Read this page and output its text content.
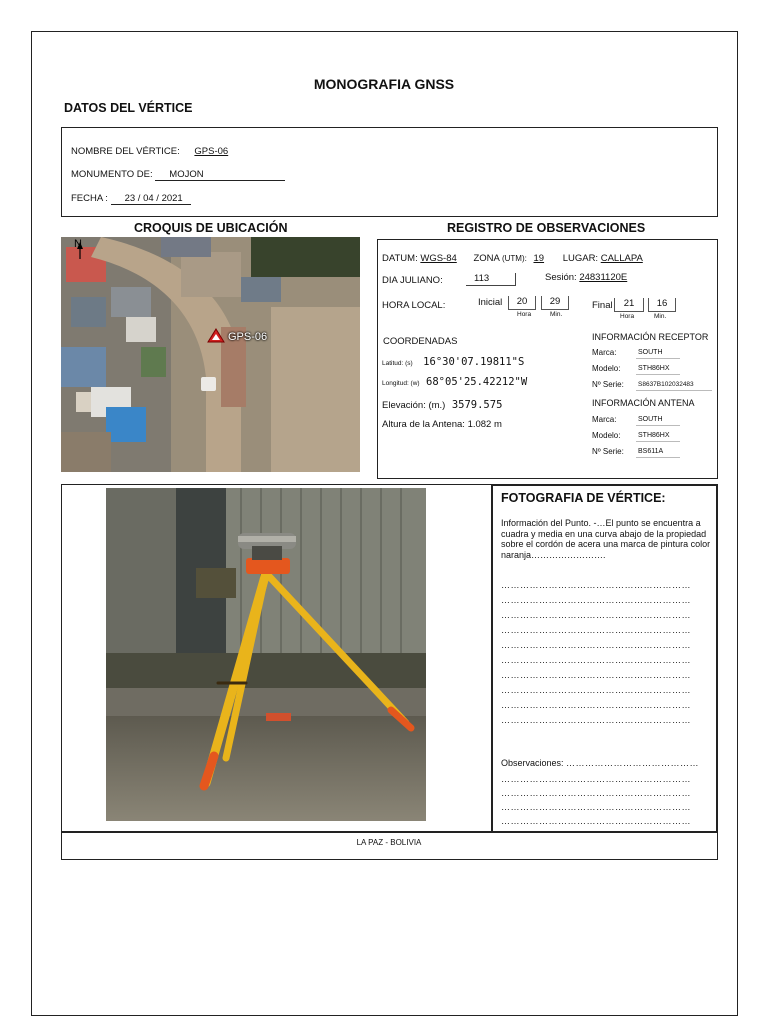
MONOGRAFIA GNSS
DATOS DEL VÉRTICE
NOMBRE DEL VÉRTICE: GPS-06
MONUMENTO DE: MOJON
FECHA : 23 / 04 / 2021
CROQUIS DE UBICACIÓN
N
GPS-06
REGISTRO DE OBSERVACIONES
DATUM: WGS-84 ZONA (UTM): 19 LUGAR: CALLAPA
DIA JULIANO:	113	Sesión: 24831120E
HORA LOCAL:	Inicial	20	29
Hora	Min.
Final	21	16
Hora	Min.
COORDENADAS
Latitud: (s) 16°30'07.19811"S
Longitud: (w) 68°05'25.42212"W
Elevación: (m.) 3579.575
Altura de la Antena: 1.082 m
INFORMACIÓN RECEPTOR
Marca:	SOUTH
Modelo:	STH86HX
Nº Serie:	S8637B102032483
INFORMACIÓN ANTENA
Marca:	SOUTH
Modelo:	STH86HX
Nº Serie: BS611A
FOTOGRAFIA DE VÉRTICE:
Información del Punto. -…El punto se encuentra a cuadra y media en una curva abajo de la propiedad sobre el cordón de acera una marca de pintura color naranja…………………….
……………………………………………………
……………………………………………………
……………………………………………………
……………………………………………………
……………………………………………………
……………………………………………………
……………………………………………………
……………………………………………………
……………………………………………………
……………………………………………………
Observaciones: ……………………………………
……………………………………………………
……………………………………………………
……………………………………………………
……………………………………………………
LA PAZ - BOLIVIA
